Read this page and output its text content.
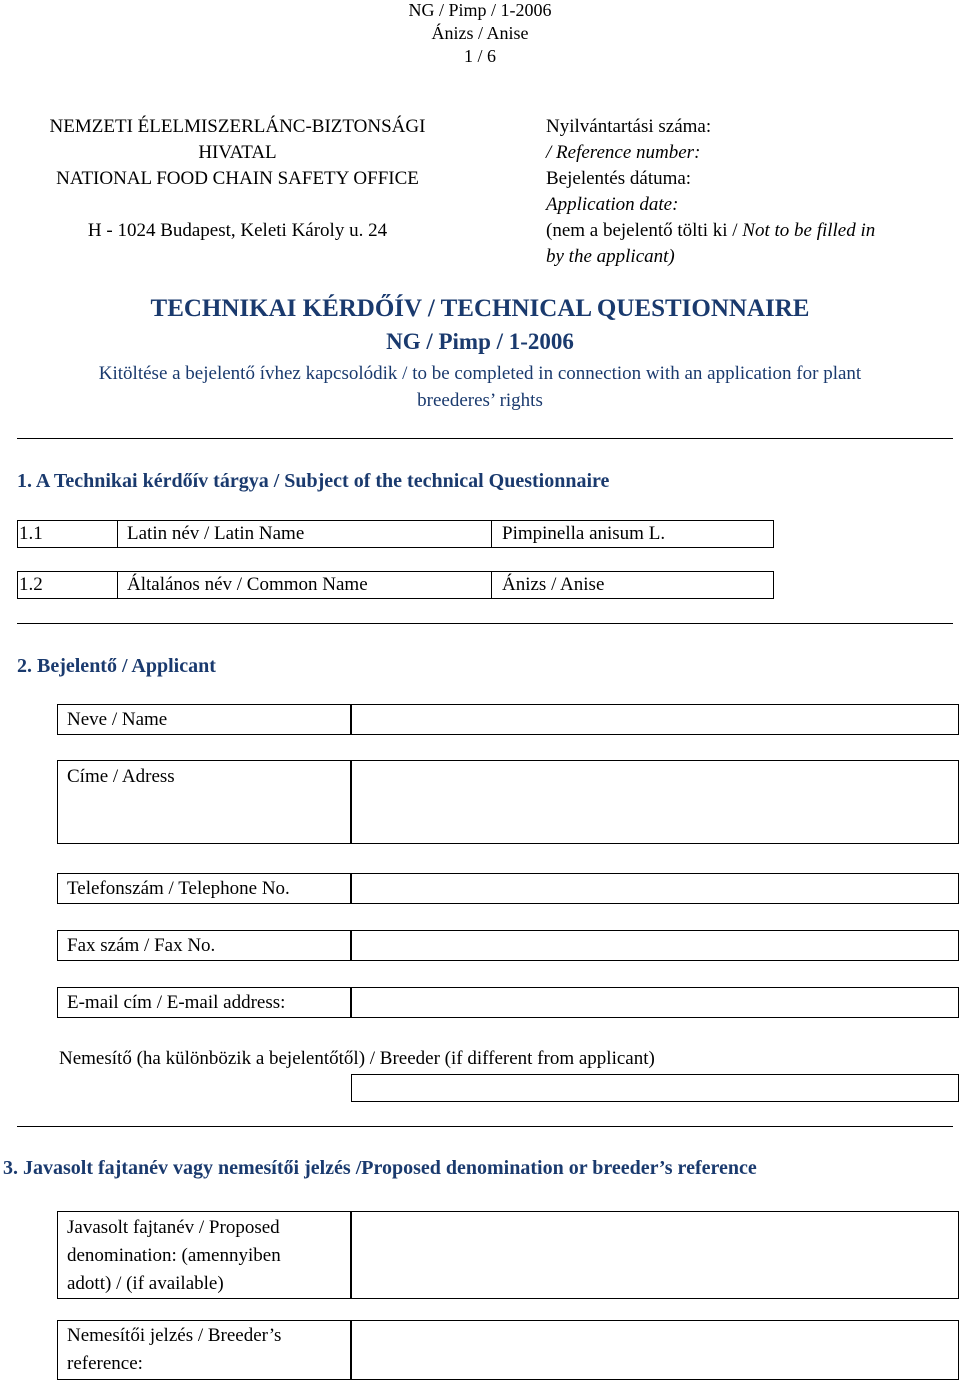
NG / Pimp / 1-2006
Ánizs / Anise
1 / 6
NEMZETI ÉLELMISZERLÁNC-BIZTONSÁGI
HIVATAL
NATIONAL FOOD CHAIN SAFETY OFFICE
H - 1024 Budapest, Keleti Károly u. 24
Nyilvántartási száma:
/ Reference number:
Bejelentés dátuma:
Application date:
(nem a bejelentő tölti ki / Not to be filled in
by the applicant)
TECHNIKAI KÉRDŐÍV / TECHNICAL QUESTIONNAIRE
NG / Pimp / 1-2006
Kitöltése a bejelentő ívhez kapcsolódik / to be completed in connection with an application for plant
breederes’ rights
1. A Technikai kérdőív tárgya / Subject of the technical Questionnaire
1.1	Latin név / Latin Name	Pimpinella anisum L.
1.2	Általános név / Common Name	Ánizs / Anise
2. Bejelentő / Applicant
Neve / Name
Címe / Adress
Telefonszám / Telephone No.
Fax szám / Fax No.
E-mail cím / E-mail address:
Nemesítő (ha különbözik a bejelentőtől) / Breeder (if different from applicant)
3. Javasolt fajtanév vagy nemesítői jelzés /Proposed denomination or breeder’s reference
Javasolt fajtanév / Proposed
denomination: (amennyiben
adott) / (if available)
Nemesítői jelzés / Breeder’s
reference:
